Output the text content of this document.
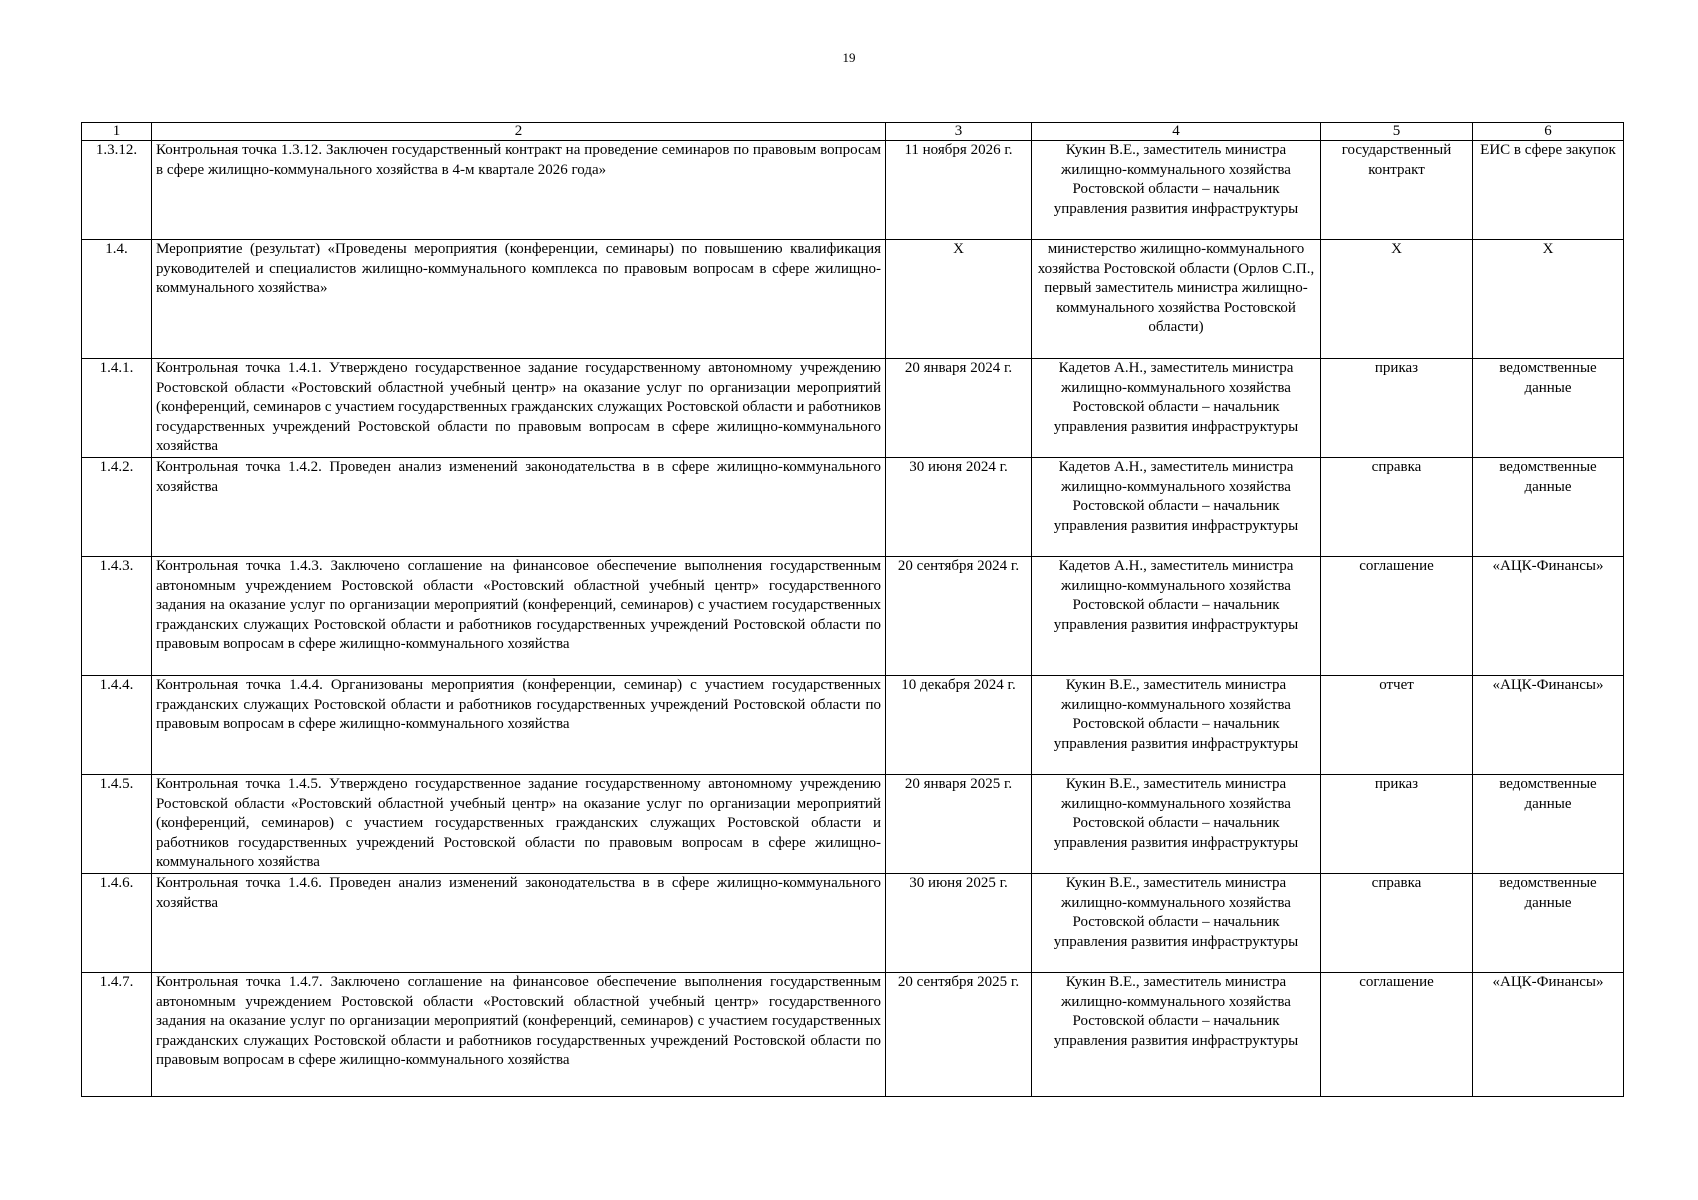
19
1	2	3	4	5	6
1.3.12.	Контрольная точка 1.3.12. Заключен государственный контракт на проведение семинаров по правовым вопросам в сфере жилищно-коммунального хозяйства в 4-м квартале 2026 года»	11 ноября 2026 г.	Кукин В.Е., заместитель министра жилищно-коммунального хозяйства Ростовской области – начальник управления развития инфраструктуры	государственный контракт	ЕИС в сфере закупок
1.4.	Мероприятие (результат) «Проведены мероприятия (конференции, семинары) по повышению квалификация руководителей и специалистов жилищно-коммунального комплекса по правовым вопросам в сфере жилищно-коммунального хозяйства»	Х	министерство жилищно-коммунального хозяйства Ростовской области (Орлов С.П., первый заместитель министра жилищно-коммунального хозяйства Ростовской области)	Х	Х
1.4.1.	Контрольная точка 1.4.1. Утверждено государственное задание государственному автономному учреждению Ростовской области «Ростовский областной учебный центр» на оказание услуг по организации мероприятий (конференций, семинаров с участием государственных гражданских служащих Ростовской области и работников государственных учреждений Ростовской области по правовым вопросам в сфере жилищно-коммунального хозяйства	20 января 2024 г.	Кадетов А.Н., заместитель министра жилищно-коммунального хозяйства Ростовской области – начальник управления развития инфраструктуры	приказ	ведомственные данные
1.4.2.	Контрольная точка 1.4.2. Проведен анализ изменений законодательства в в сфере жилищно-коммунального хозяйства	30 июня 2024 г.	Кадетов А.Н., заместитель министра жилищно-коммунального хозяйства Ростовской области – начальник управления развития инфраструктуры	справка	ведомственные данные
1.4.3.	Контрольная точка 1.4.3. Заключено соглашение на финансовое обеспечение выполнения государственным автономным учреждением Ростовской области «Ростовский областной учебный центр» государственного задания на оказание услуг по организации мероприятий (конференций, семинаров) с участием государственных гражданских служащих Ростовской области и работников государственных учреждений Ростовской области по правовым вопросам в сфере жилищно-коммунального хозяйства	20 сентября 2024 г.	Кадетов А.Н., заместитель министра жилищно-коммунального хозяйства Ростовской области – начальник управления развития инфраструктуры	соглашение	«АЦК-Финансы»
1.4.4.	Контрольная точка 1.4.4. Организованы мероприятия (конференции, семинар) с участием государственных гражданских служащих Ростовской области и работников государственных учреждений Ростовской области по правовым вопросам в сфере жилищно-коммунального хозяйства	10 декабря 2024 г.	Кукин В.Е., заместитель министра жилищно-коммунального хозяйства Ростовской области – начальник управления развития инфраструктуры	отчет	«АЦК-Финансы»
1.4.5.	Контрольная точка 1.4.5. Утверждено государственное задание государственному автономному учреждению Ростовской области «Ростовский областной учебный центр» на оказание услуг по организации мероприятий (конференций, семинаров) с участием государственных гражданских служащих Ростовской области и работников государственных учреждений Ростовской области по правовым вопросам в сфере жилищно-коммунального хозяйства	20 января 2025 г.	Кукин В.Е., заместитель министра жилищно-коммунального хозяйства Ростовской области – начальник управления развития инфраструктуры	приказ	ведомственные данные
1.4.6.	Контрольная точка 1.4.6. Проведен анализ изменений законодательства в в сфере жилищно-коммунального хозяйства	30 июня 2025 г.	Кукин В.Е., заместитель министра жилищно-коммунального хозяйства Ростовской области – начальник управления развития инфраструктуры	справка	ведомственные данные
1.4.7.	Контрольная точка 1.4.7. Заключено соглашение на финансовое обеспечение выполнения государственным автономным учреждением Ростовской области «Ростовский областной учебный центр» государственного задания на оказание услуг по организации мероприятий (конференций, семинаров) с участием государственных гражданских служащих Ростовской области и работников государственных учреждений Ростовской области по правовым вопросам в сфере жилищно-коммунального хозяйства	20 сентября 2025 г.	Кукин В.Е., заместитель министра жилищно-коммунального хозяйства Ростовской области – начальник управления развития инфраструктуры	соглашение	«АЦК-Финансы»
